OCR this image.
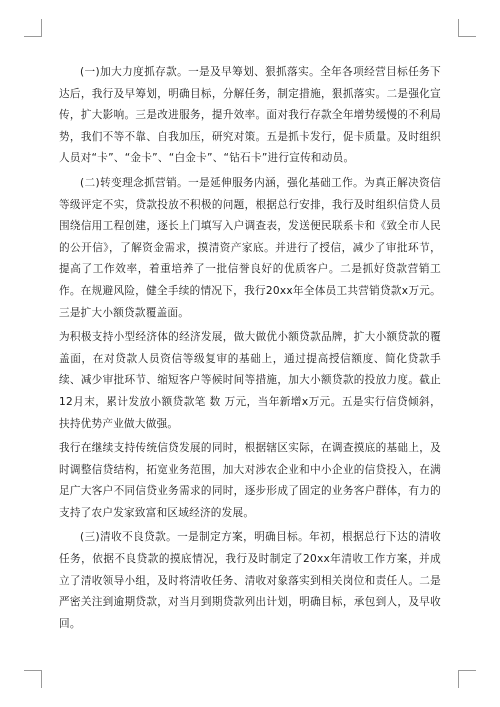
(一)加大力度抓存款。一是及早筹划、狠抓落实。全年各项经营目标任务下达后，我行及早筹划，明确目标，分解任务，制定措施，狠抓落实。二是强化宣传，扩大影响。三是改进服务，提升效率。面对我行存款全年增势缓慢的不利局势，我们不等不靠、自我加压，研究对策。五是抓卡发行，促卡质量。及时组织人员对“卡”、“金卡”、“白金卡”、“钻石卡”进行宣传和动员。

(二)转变理念抓营销。一是延伸服务内涵，强化基础工作。为真正解决资信等级评定不实，贷款投放不积极的问题，根据总行安排，我行及时组织信贷人员围绕信用工程创建，逐长上门填写入户调查表，发送便民联系卡和《致全市人民的公开信》，了解资金需求，摸清资产家底。并进行了授信，减少了审批环节，提高了工作效率，着重培养了一批信誉良好的优质客户。二是抓好贷款营销工作。在规避风险，健全手续的情况下，我行20xx年全体员工共营销贷款x万元。三是扩大小额贷款覆盖面。

为积极支持小型经济体的经济发展，做大做优小额贷款品牌，扩大小额贷款的覆盖面，在对贷款人员资信等级复审的基础上，通过提高授信额度、简化贷款手续、减少审批环节、缩短客户等候时间等措施，加大小额贷款的投放力度。截止12月末，累计发放小额贷款笔 数 万元，当年新增x万元。五是实行信贷倾斜，扶持优势产业做大做强。

我行在继续支持传统信贷发展的同时，根据辖区实际，在调查摸底的基础上，及时调整信贷结构，拓宽业务范围，加大对涉农企业和中小企业的信贷投入，在满足广大客户不同信贷业务需求的同时，逐步形成了固定的业务客户群体，有力的支持了农户发家致富和区域经济的发展。

(三)清收不良贷款。一是制定方案，明确目标。年初，根据总行下达的清收任务，依据不良贷款的摸底情况，我行及时制定了20xx年清收工作方案，并成立了清收领导小组，及时将清收任务、清收对象落实到相关岗位和责任人。二是严密关注到逾期贷款，对当月到期贷款列出计划，明确目标，承包到人，及早收回。
